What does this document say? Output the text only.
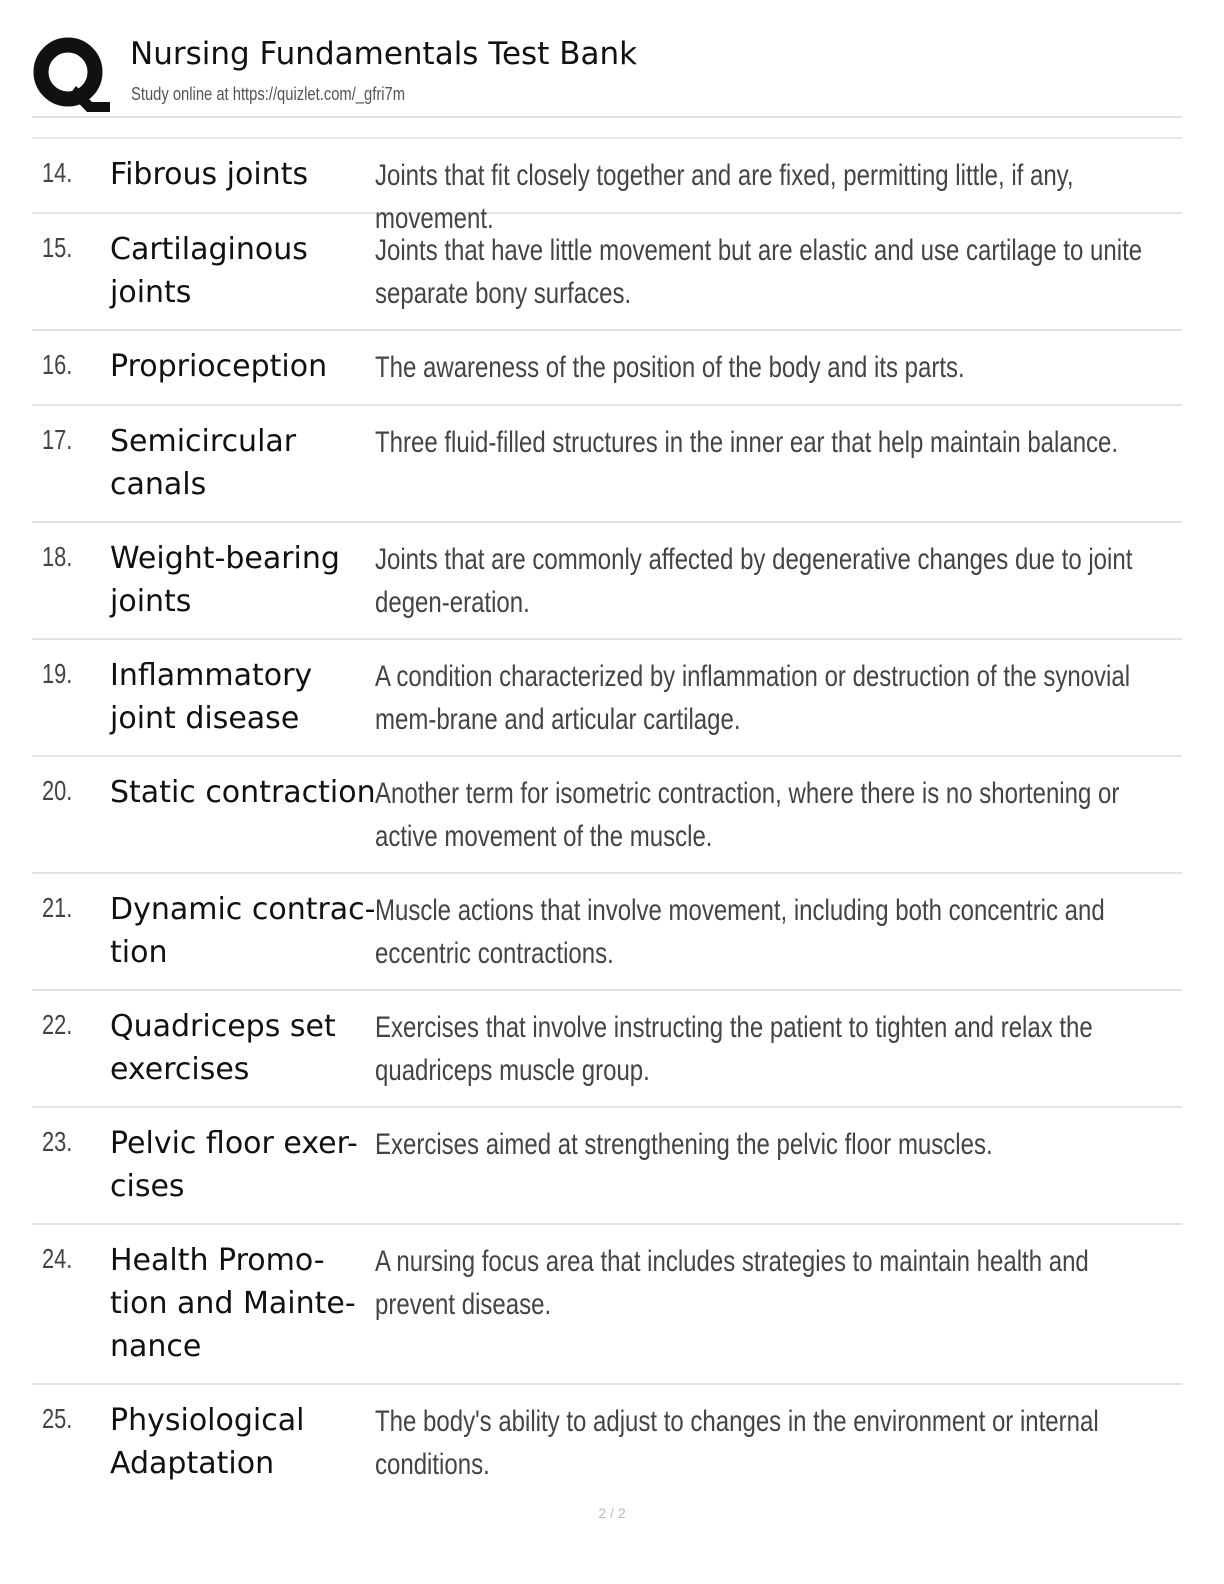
Nursing Fundamentals Test Bank
Study online at https://quizlet.com/_gfri7m
14. Fibrous joints	Joints that fit closely together and are fixed, permitting little, if any, movement.
15. Cartilaginous joints
Joints that have little movement but are elastic and use cartilage to unite separate bony surfaces.
16. Proprioception	The awareness of the position of the body and its parts.
17. Semicircular canals
Three fluid-filled structures in the inner ear that help maintain balance.
18. Weight-bearing joints
Joints that are commonly affected by degenerative changes due to joint degen-eration.
19. Inflammatory joint disease
A condition characterized by inflammation or destruction of the synovial mem-brane and articular cartilage.
20. Static contraction Another term for isometric contraction, where there is no shortening or active movement of the muscle.
21. Dynamic contrac-tion
Muscle actions that involve movement, including both concentric and eccentric contractions.
22. Quadriceps set exercises
Exercises that involve instructing the patient to tighten and relax the quadriceps muscle group.
23. Pelvic floor exer-cises
Exercises aimed at strengthening the pelvic floor muscles.
24. Health Promo-tion and Mainte-nance
A nursing focus area that includes strategies to maintain health and prevent disease.
25. Physiological Adaptation
The body's ability to adjust to changes in the environment or internal conditions.
2 / 2
